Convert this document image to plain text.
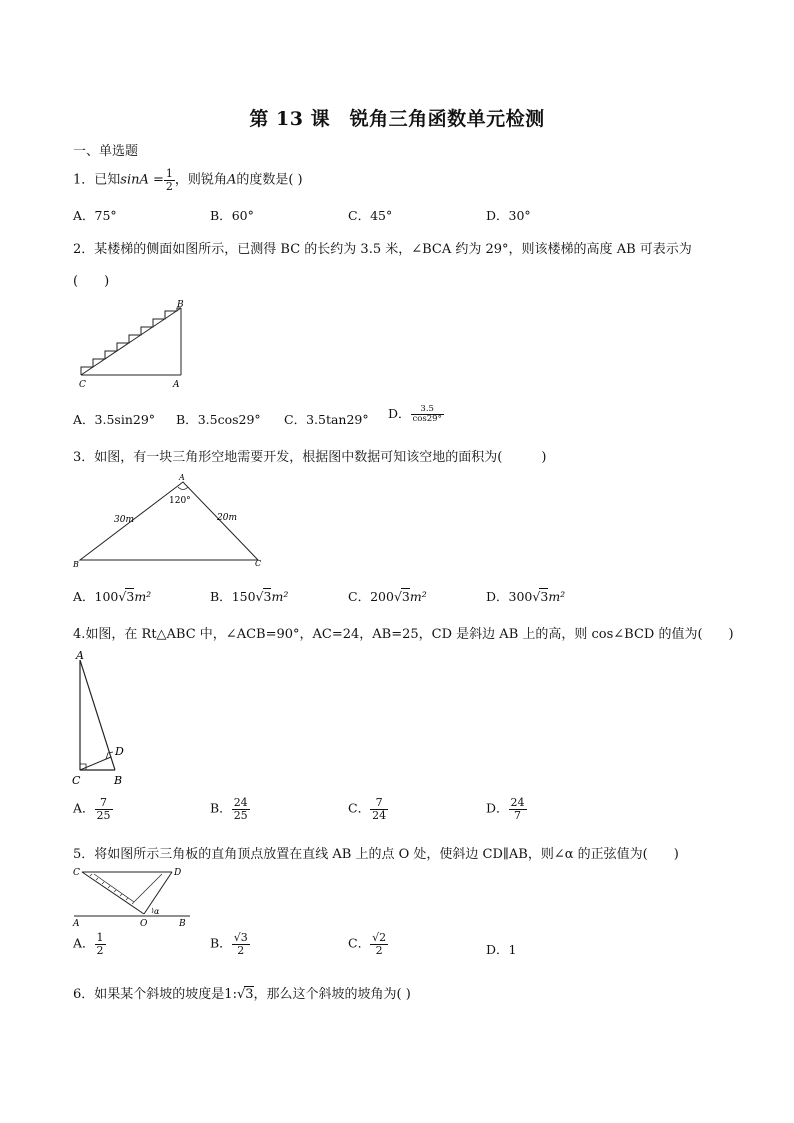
第 13 课　锐角三角函数单元检测
一、单选题
1．已知$\sin A = \frac{1}{2}$ ，则锐角A的度数是( )
A．75°	B．60°	C．45°	D．30°
2．某楼梯的侧面如图所示，已测得 BC 的长约为 3.5 米，∠BCA 约为 29°，则该楼梯的高度 AB 可表示为
(　　)
B
C	A
A．3.5sin29° B．3.5cos29° C．3.5tan29° D． $\frac{3.5}{\cos 29^\circ}$
3．如图，有一块三角形空地需要开发，根据图中数据可知该空地的面积为(　　　)
A
B	C
120°
30m	20m
A．100√3m²	B．150√3m²	C．200√3m²	D．300√3m²
4.如图，在 Rt△ABC 中，∠ACB=90°，AC=24，AB=25，CD 是斜边 AB 上的高，则 cos∠BCD 的值为(　　)
A
C	B
D
A． $\frac{7}{25}$	B． $\frac{24}{25}$	C． $\frac{7}{24}$	D． $\frac{24}{7}$
5．将如图所示三角板的直角顶点放置在直线 AB 上的点 O 处，使斜边 CD∥AB，则∠α 的正弦值为(　　)
C	D
A	O	B
α
A． $\frac{1}{2}$	B． $\frac{√3}{2}$	C． $\frac{√2}{2}$	D．1
6．如果某个斜坡的坡度是1:√3，那么这个斜坡的坡角为( )
